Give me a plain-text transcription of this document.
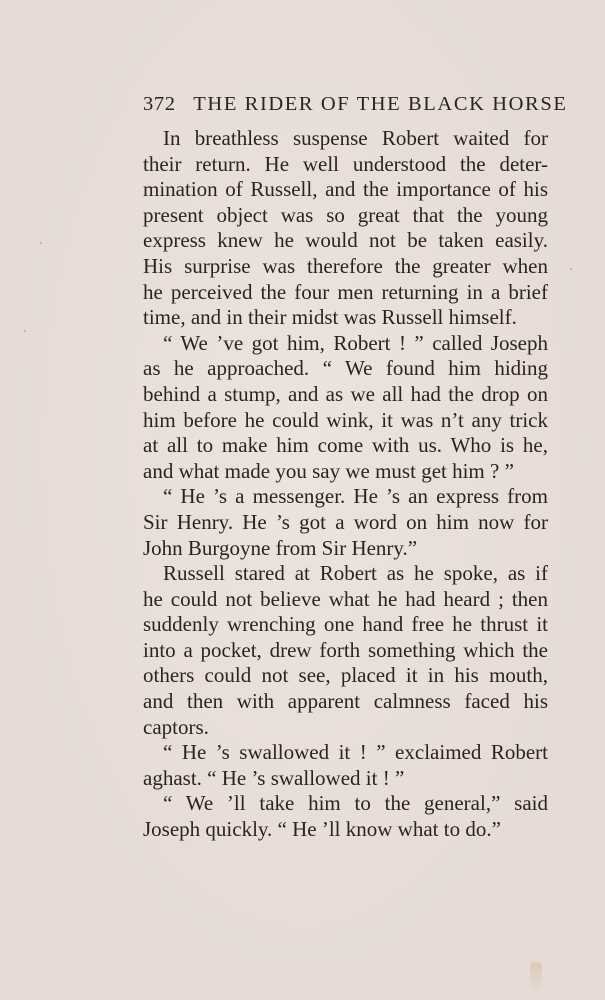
372 THE RIDER OF THE BLACK HORSE
In breathless suspense Robert waited for
their return. He well understood the deter-
mination of Russell, and the importance of his
present object was so great that the young
express knew he would not be taken easily.
His surprise was therefore the greater when
he perceived the four men returning in a brief
time, and in their midst was Russell himself.
“ We ’ve got him, Robert ! ” called Joseph
as he approached. “ We found him hiding
behind a stump, and as we all had the drop on
him before he could wink, it was n’t any trick
at all to make him come with us. Who is he,
and what made you say we must get him ? ”
“ He ’s a messenger. He ’s an express from
Sir Henry. He ’s got a word on him now for
John Burgoyne from Sir Henry.”
Russell stared at Robert as he spoke, as if
he could not believe what he had heard ; then
suddenly wrenching one hand free he thrust it
into a pocket, drew forth something which the
others could not see, placed it in his mouth,
and then with apparent calmness faced his
captors.
“ He ’s swallowed it ! ” exclaimed Robert
aghast. “ He ’s swallowed it ! ”
“ We ’ll take him to the general,” said
Joseph quickly. “ He ’ll know what to do.”
